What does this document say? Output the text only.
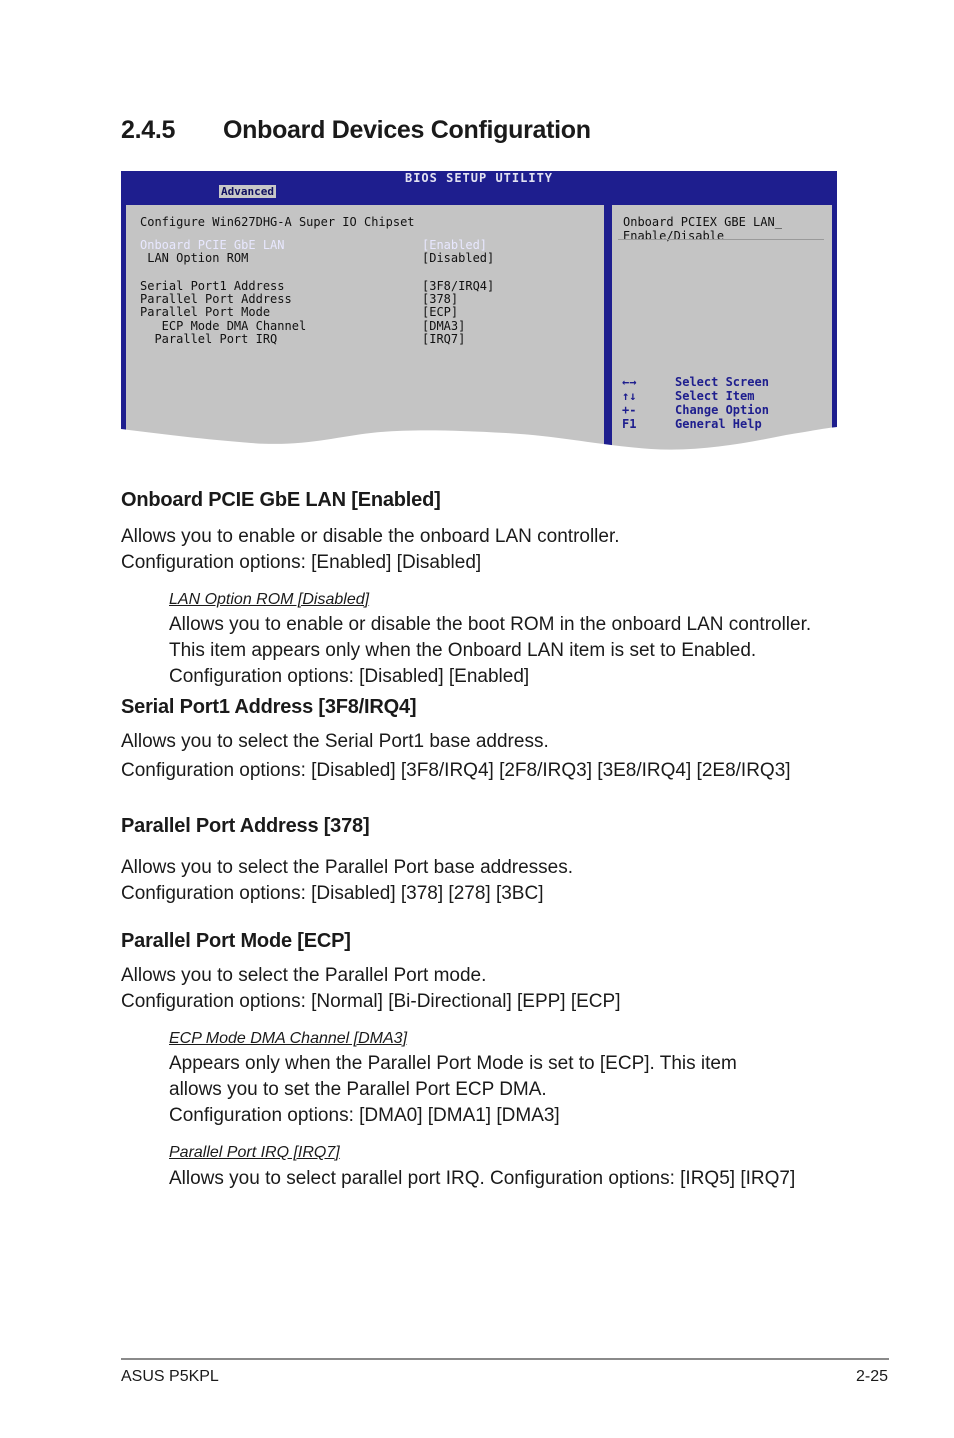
2.4.5 Onboard Devices Configuration
BIOS SETUP UTILITY
Advanced
Configure Win627DHG-A Super IO Chipset
Onboard PCIE GbE LAN	[Enabled]
LAN Option ROM	[Disabled]
Serial Port1 Address	[3F8/IRQ4]
Parallel Port Address	[378]
Parallel Port Mode	[ECP]
ECP Mode DMA Channel	[DMA3]
Parallel Port IRQ	[IRQ7]
Onboard PCIEX GBE LAN_
Enable/Disable
←→	Select Screen
↑↓	Select Item
+-	Change Option
F1	General Help
Onboard PCIE GbE LAN [Enabled]

Allows you to enable or disable the onboard LAN controller.

Configuration options: [Enabled] [Disabled]

LAN Option ROM [Disabled]

Allows you to enable or disable the boot ROM in the onboard LAN controller.

This item appears only when the Onboard LAN item is set to Enabled.

Configuration options: [Disabled] [Enabled]

Serial Port1 Address [3F8/IRQ4]

Allows you to select the Serial Port1 base address.

Configuration options: [Disabled] [3F8/IRQ4] [2F8/IRQ3] [3E8/IRQ4] [2E8/IRQ3]

Parallel Port Address [378]

Allows you to select the Parallel Port base addresses.

Configuration options: [Disabled] [378] [278] [3BC]

Parallel Port Mode [ECP]

Allows you to select the Parallel Port mode.

Configuration options: [Normal] [Bi-Directional] [EPP] [ECP]

ECP Mode DMA Channel [DMA3]

Appears only when the Parallel Port Mode is set to [ECP]. This item

allows you to set the Parallel Port ECP DMA.

Configuration options: [DMA0] [DMA1] [DMA3]

Parallel Port IRQ [IRQ7]

Allows you to select parallel port IRQ. Configuration options: [IRQ5] [IRQ7]

ASUS P5KPL	2-25
